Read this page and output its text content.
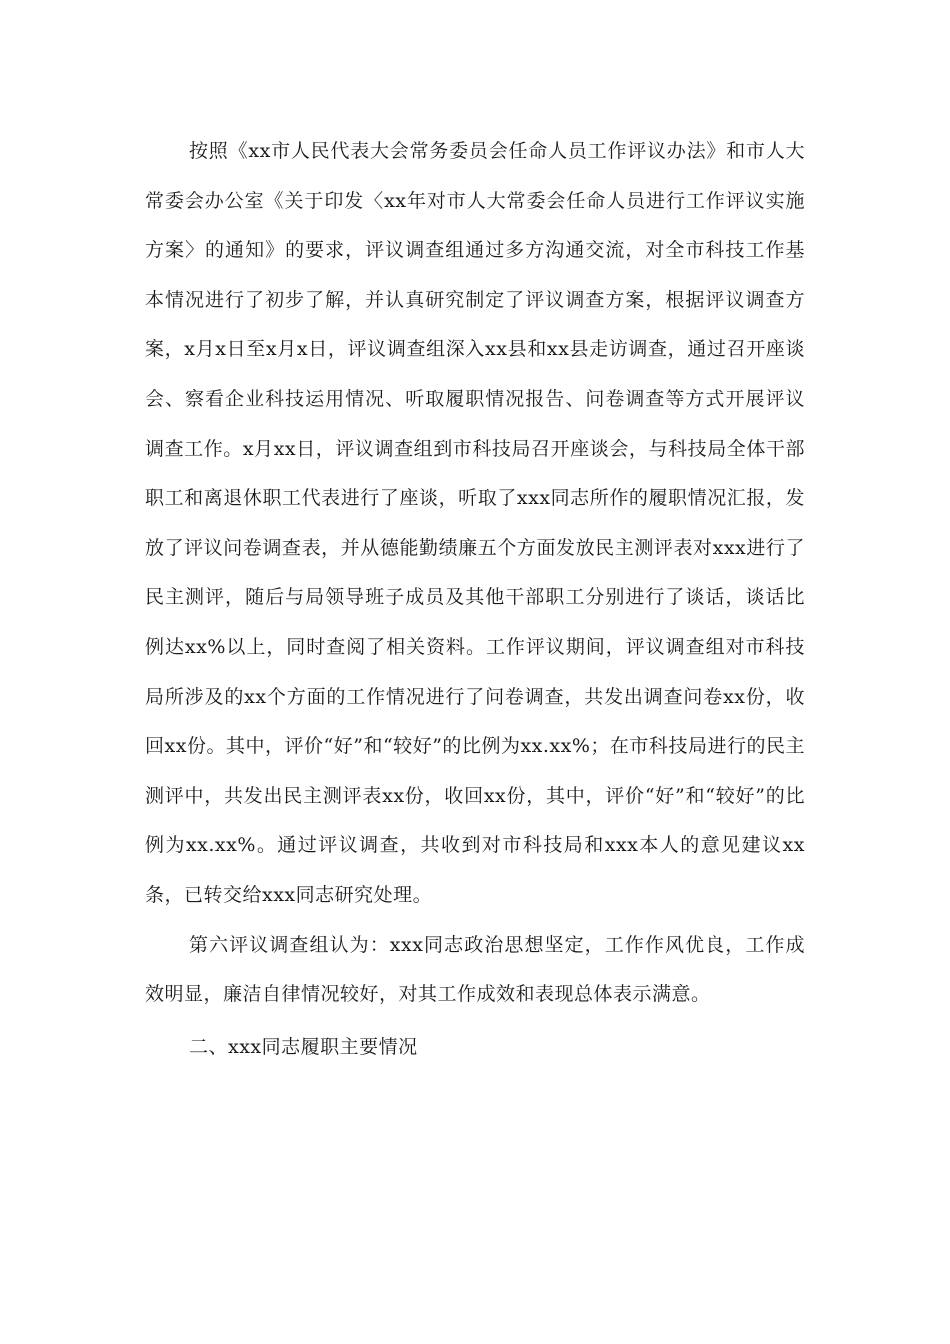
按照《xx市人民代表大会常务委员会任命人员工作评议办法》和市人大常委会办公室《关于印发〈xx年对市人大常委会任命人员进行工作评议实施方案〉的通知》的要求，评议调查组通过多方沟通交流，对全市科技工作基本情况进行了初步了解，并认真研究制定了评议调查方案，根据评议调查方案，x月x日至x月x日，评议调查组深入xx县和xx县走访调查，通过召开座谈会、察看企业科技运用情况、听取履职情况报告、问卷调查等方式开展评议调查工作。x月xx日，评议调查组到市科技局召开座谈会，与科技局全体干部职工和离退休职工代表进行了座谈，听取了xxx同志所作的履职情况汇报，发放了评议问卷调查表，并从德能勤绩廉五个方面发放民主测评表对xxx进行了民主测评，随后与局领导班子成员及其他干部职工分别进行了谈话，谈话比例达xx%以上，同时查阅了相关资料。工作评议期间，评议调查组对市科技局所涉及的xx个方面的工作情况进行了问卷调查，共发出调查问卷xx份，收回xx份。其中，评价“好”和“较好”的比例为xx.xx%；在市科技局进行的民主测评中，共发出民主测评表xx份，收回xx份，其中，评价“好”和“较好”的比例为xx.xx%。通过评议调查，共收到对市科技局和xxx本人的意见建议xx条，已转交给xxx同志研究处理。

第六评议调查组认为：xxx同志政治思想坚定，工作作风优良，工作成效明显，廉洁自律情况较好，对其工作成效和表现总体表示满意。

二、xxx同志履职主要情况
